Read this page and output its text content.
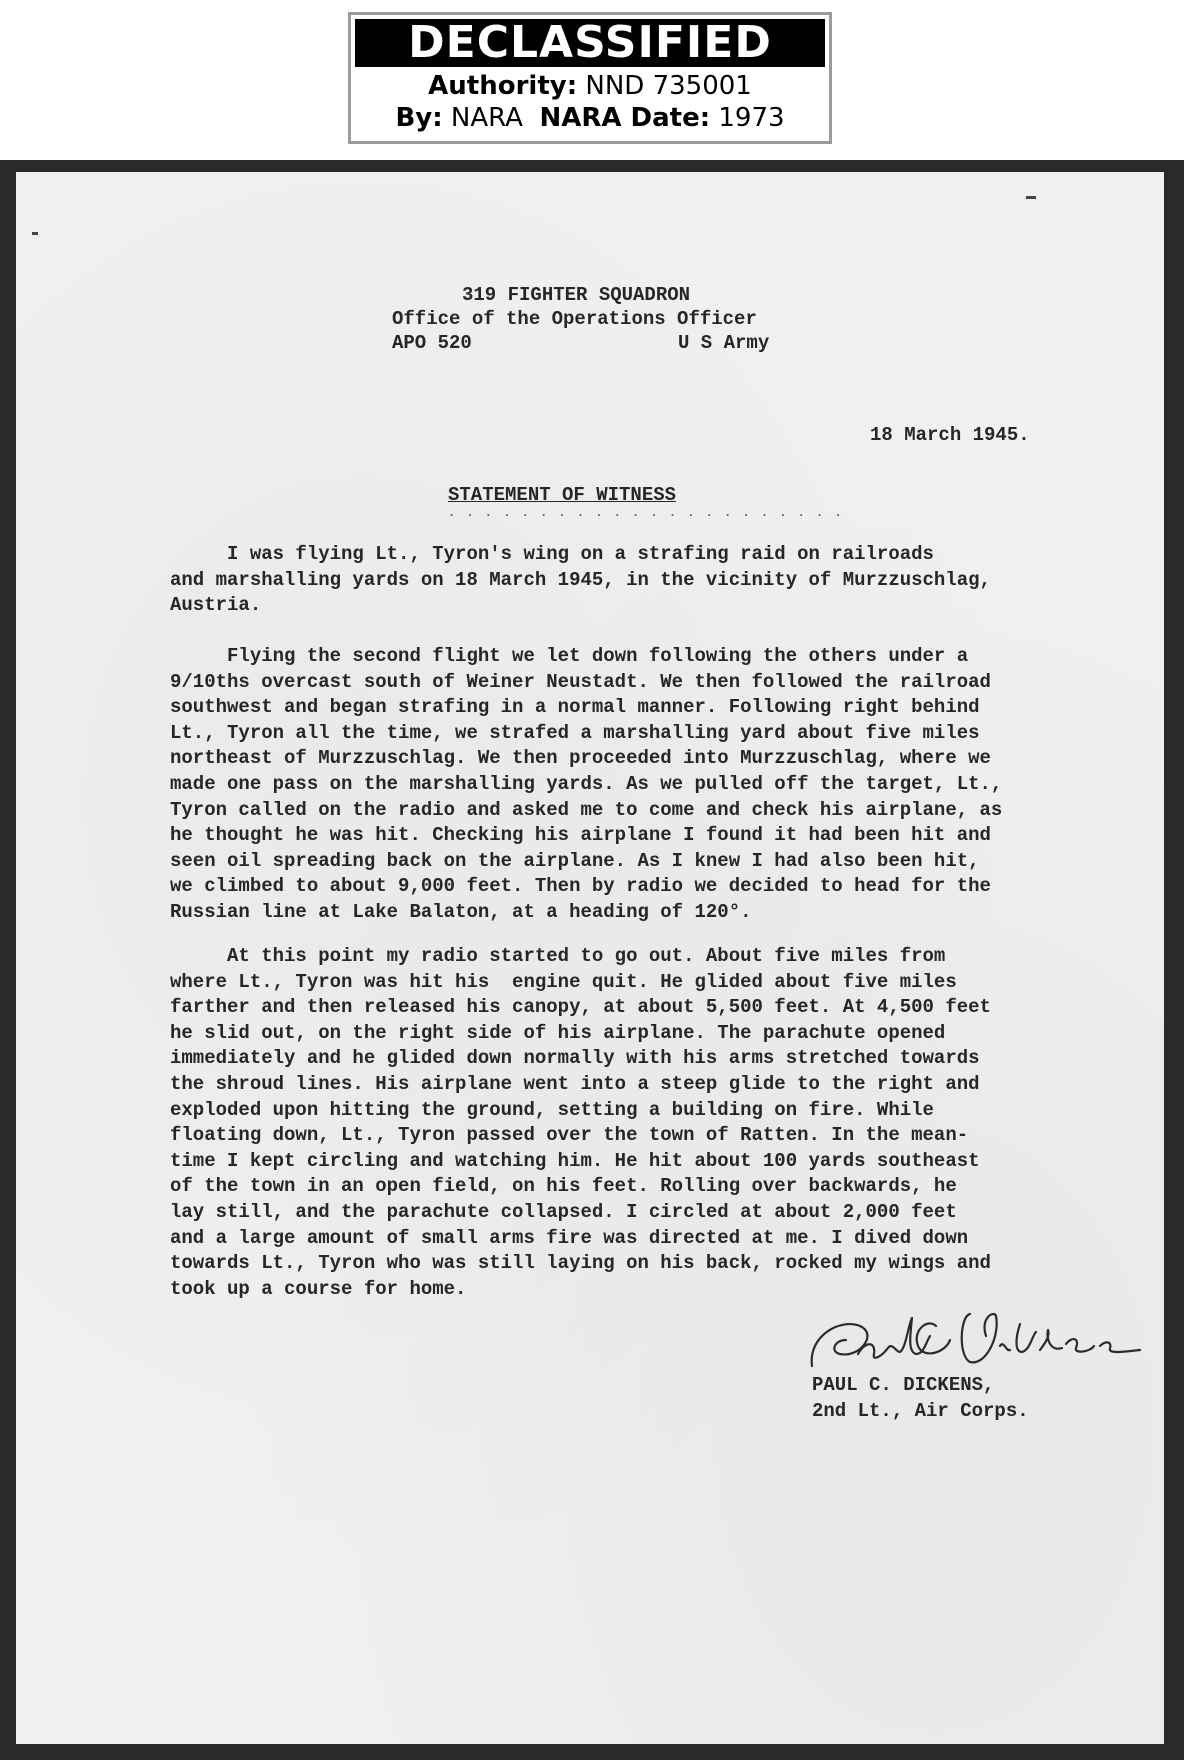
DECLASSIFIED
Authority: NND 735001
By: NARA NARA Date: 1973
319 FIGHTER SQUADRON
Office of the Operations Officer
APO 520	U S Army
18 March 1945.
STATEMENT OF WITNESS
. . . . . . . . . . . . . . . . . . . . . .
I was flying Lt., Tyron's wing on a strafing raid on railroads
and marshalling yards on 18 March 1945, in the vicinity of Murzzuschlag,
Austria.
Flying the second flight we let down following the others under a
9/10ths overcast south of Weiner Neustadt. We then followed the railroad
southwest and began strafing in a normal manner. Following right behind
Lt., Tyron all the time, we strafed a marshalling yard about five miles
northeast of Murzzuschlag. We then proceeded into Murzzuschlag, where we
made one pass on the marshalling yards. As we pulled off the target, Lt.,
Tyron called on the radio and asked me to come and check his airplane, as
he thought he was hit. Checking his airplane I found it had been hit and
seen oil spreading back on the airplane. As I knew I had also been hit,
we climbed to about 9,000 feet. Then by radio we decided to head for the
Russian line at Lake Balaton, at a heading of 120°.
At this point my radio started to go out. About five miles from
where Lt., Tyron was hit his  engine quit. He glided about five miles
farther and then released his canopy, at about 5,500 feet. At 4,500 feet
he slid out, on the right side of his airplane. The parachute opened
immediately and he glided down normally with his arms stretched towards
the shroud lines. His airplane went into a steep glide to the right and
exploded upon hitting the ground, setting a building on fire. While
floating down, Lt., Tyron passed over the town of Ratten. In the mean-
time I kept circling and watching him. He hit about 100 yards southeast
of the town in an open field, on his feet. Rolling over backwards, he
lay still, and the parachute collapsed. I circled at about 2,000 feet
and a large amount of small arms fire was directed at me. I dived down
towards Lt., Tyron who was still laying on his back, rocked my wings and
took up a course for home.
PAUL C. DICKENS,
2nd Lt., Air Corps.
